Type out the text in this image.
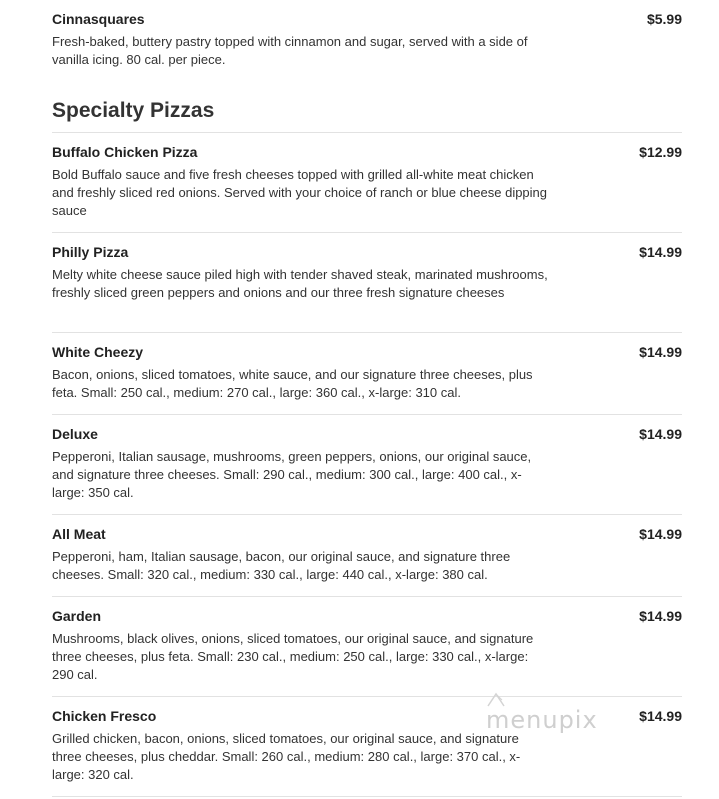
Cinnasquares	$5.99
Fresh-baked, buttery pastry topped with cinnamon and sugar, served with a side of vanilla icing. 80 cal. per piece.
Specialty Pizzas
Buffalo Chicken Pizza	$12.99
Bold Buffalo sauce and five fresh cheeses topped with grilled all-white meat chicken and freshly sliced red onions. Served with your choice of ranch or blue cheese dipping sauce
Philly Pizza	$14.99
Melty white cheese sauce piled high with tender shaved steak, marinated mushrooms, freshly sliced green peppers and onions and our three fresh signature cheeses
White Cheezy	$14.99
Bacon, onions, sliced tomatoes, white sauce, and our signature three cheeses, plus feta. Small: 250 cal., medium: 270 cal., large: 360 cal., x-large: 310 cal.
Deluxe	$14.99
Pepperoni, Italian sausage, mushrooms, green peppers, onions, our original sauce, and signature three cheeses. Small: 290 cal., medium: 300 cal., large: 400 cal., x-large: 350 cal.
All Meat	$14.99
Pepperoni, ham, Italian sausage, bacon, our original sauce, and signature three cheeses. Small: 320 cal., medium: 330 cal., large: 440 cal., x-large: 380 cal.
Garden	$14.99
Mushrooms, black olives, onions, sliced tomatoes, our original sauce, and signature three cheeses, plus feta. Small: 230 cal., medium: 250 cal., large: 330 cal., x-large: 290 cal.
Chicken Fresco	$14.99
Grilled chicken, bacon, onions, sliced tomatoes, our original sauce, and signature three cheeses, plus cheddar. Small: 260 cal., medium: 280 cal., large: 370 cal., x-large: 320 cal.
menupix
